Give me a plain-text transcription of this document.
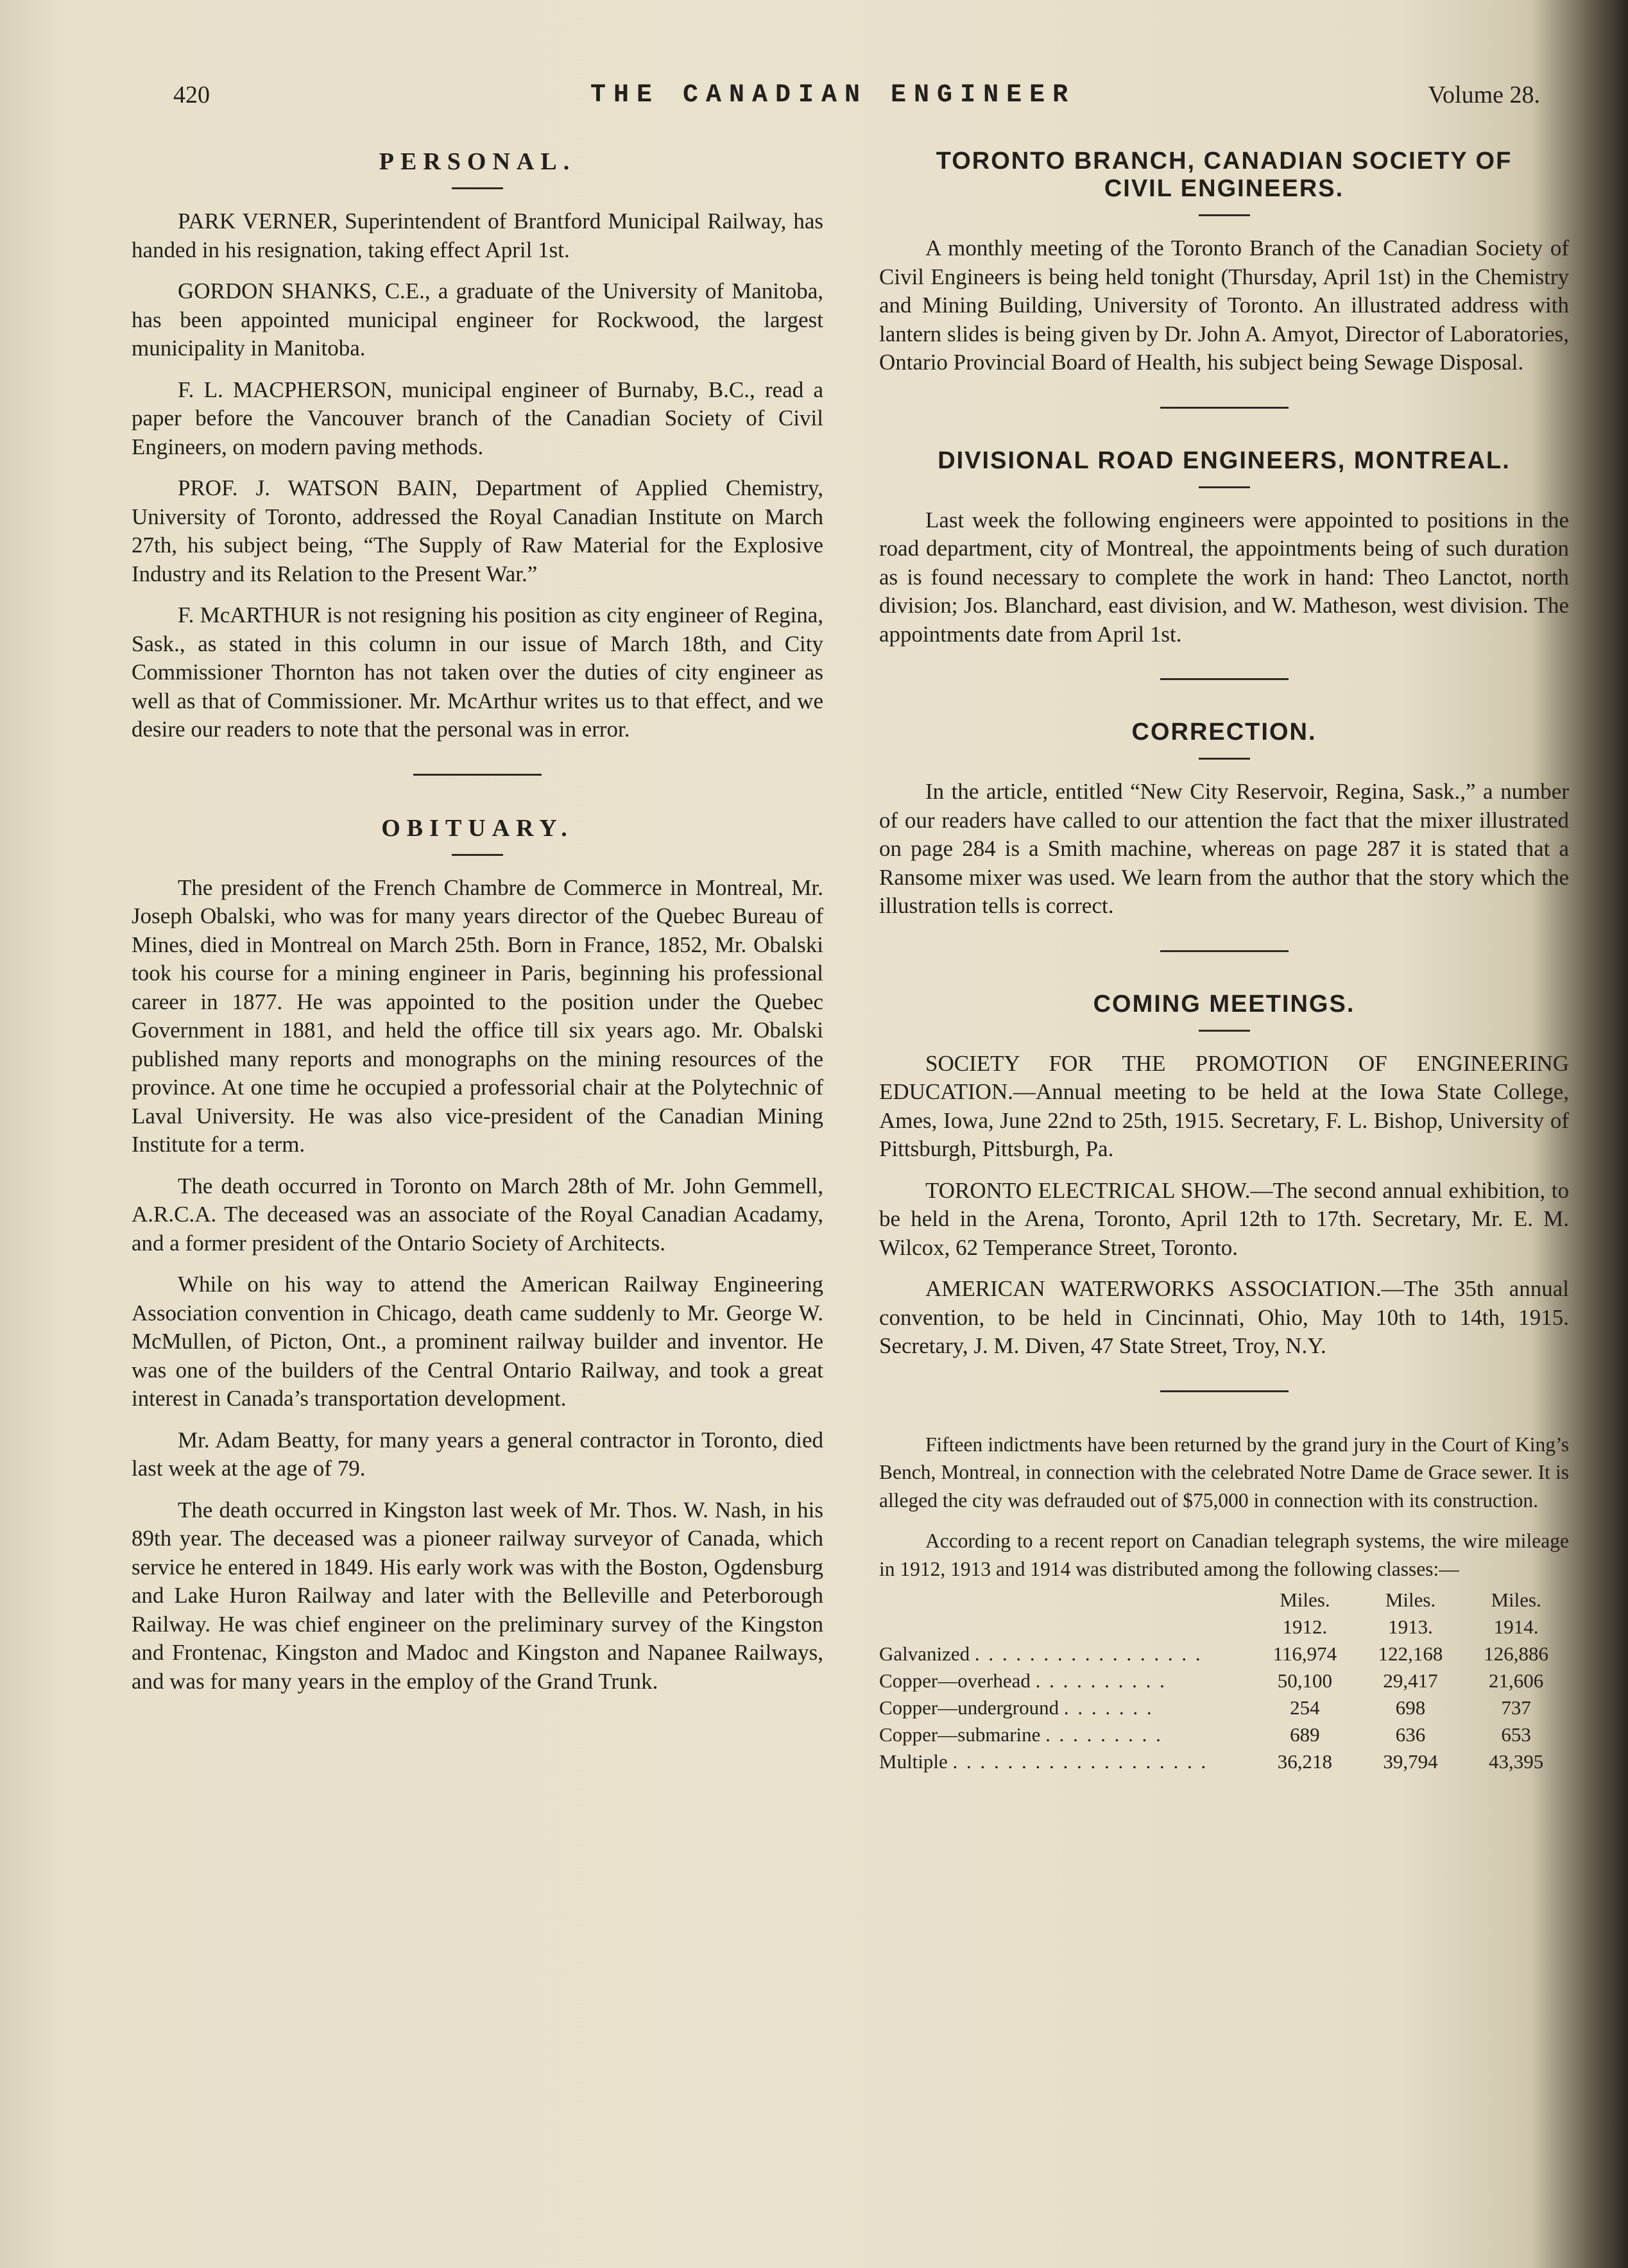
420	THE CANADIAN ENGINEER	Volume 28.
PERSONAL.

PARK VERNER, Superintendent of Brantford Municipal Railway, has handed in his resignation, taking effect April 1st.

GORDON SHANKS, C.E., a graduate of the University of Manitoba, has been appointed municipal engineer for Rockwood, the largest municipality in Manitoba.

F. L. MACPHERSON, municipal engineer of Burnaby, B.C., read a paper before the Vancouver branch of the Canadian Society of Civil Engineers, on modern paving methods.

PROF. J. WATSON BAIN, Department of Applied Chemistry, University of Toronto, addressed the Royal Canadian Institute on March 27th, his subject being, “The Supply of Raw Material for the Explosive Industry and its Relation to the Present War.”

F. McARTHUR is not resigning his position as city engineer of Regina, Sask., as stated in this column in our issue of March 18th, and City Commissioner Thornton has not taken over the duties of city engineer as well as that of Commissioner. Mr. McArthur writes us to that effect, and we desire our readers to note that the personal was in error.

OBITUARY.

The president of the French Chambre de Commerce in Montreal, Mr. Joseph Obalski, who was for many years director of the Quebec Bureau of Mines, died in Montreal on March 25th. Born in France, 1852, Mr. Obalski took his course for a mining engineer in Paris, beginning his professional career in 1877. He was appointed to the position under the Quebec Government in 1881, and held the office till six years ago. Mr. Obalski published many reports and monographs on the mining resources of the province. At one time he occupied a professorial chair at the Polytechnic of Laval University. He was also vice-president of the Canadian Mining Institute for a term.

The death occurred in Toronto on March 28th of Mr. John Gemmell, A.R.C.A. The deceased was an associate of the Royal Canadian Acadamy, and a former president of the Ontario Society of Architects.

While on his way to attend the American Railway Engineering Association convention in Chicago, death came suddenly to Mr. George W. McMullen, of Picton, Ont., a prominent railway builder and inventor. He was one of the builders of the Central Ontario Railway, and took a great interest in Canada’s transportation development.

Mr. Adam Beatty, for many years a general contractor in Toronto, died last week at the age of 79.

The death occurred in Kingston last week of Mr. Thos. W. Nash, in his 89th year. The deceased was a pioneer railway surveyor of Canada, which service he entered in 1849. His early work was with the Boston, Ogdensburg and Lake Huron Railway and later with the Belleville and Peterborough Railway. He was chief engineer on the preliminary survey of the Kingston and Frontenac, Kingston and Madoc and Kingston and Napanee Railways, and was for many years in the employ of the Grand Trunk.

TORONTO BRANCH, CANADIAN SOCIETY OF
CIVIL ENGINEERS.

A monthly meeting of the Toronto Branch of the Canadian Society of Civil Engineers is being held tonight (Thursday, April 1st) in the Chemistry and Mining Building, University of Toronto. An illustrated address with lantern slides is being given by Dr. John A. Amyot, Director of Laboratories, Ontario Provincial Board of Health, his subject being Sewage Disposal.

DIVISIONAL ROAD ENGINEERS, MONTREAL.

Last week the following engineers were appointed to positions in the road department, city of Montreal, the appointments being of such duration as is found necessary to complete the work in hand: Theo Lanctot, north division; Jos. Blanchard, east division, and W. Matheson, west division. The appointments date from April 1st.

CORRECTION.

In the article, entitled “New City Reservoir, Regina, Sask.,” a number of our readers have called to our attention the fact that the mixer illustrated on page 284 is a Smith machine, whereas on page 287 it is stated that a Ransome mixer was used. We learn from the author that the story which the illustration tells is correct.

COMING MEETINGS.

SOCIETY FOR THE PROMOTION OF ENGINEERING EDUCATION.—Annual meeting to be held at the Iowa State College, Ames, Iowa, June 22nd to 25th, 1915. Secretary, F. L. Bishop, University of Pittsburgh, Pittsburgh, Pa.

TORONTO ELECTRICAL SHOW.—The second annual exhibition, to be held in the Arena, Toronto, April 12th to 17th. Secretary, Mr. E. M. Wilcox, 62 Temperance Street, Toronto.

AMERICAN WATERWORKS ASSOCIATION.—The 35th annual convention, to be held in Cincinnati, Ohio, May 10th to 14th, 1915. Secretary, J. M. Diven, 47 State Street, Troy, N.Y.

Fifteen indictments have been returned by the grand jury in the Court of King’s Bench, Montreal, in connection with the celebrated Notre Dame de Grace sewer. It is alleged the city was defrauded out of $75,000 in connection with its construction.

According to a recent report on Canadian telegraph systems, the wire mileage in 1912, 1913 and 1914 was distributed among the following classes:—

	Miles.	Miles.	Miles.
	1912.	1913.	1914.
Galvanized . . . . . . . . . . . . . . . . .	116,974	122,168	126,886
Copper—overhead . . . . . . . . . .	50,100	29,417	21,606
Copper—underground . . . . . . .	254	698	737
Copper—submarine . . . . . . . . .	689	636	653
Multiple . . . . . . . . . . . . . . . . . . .	36,218	39,794	43,395
